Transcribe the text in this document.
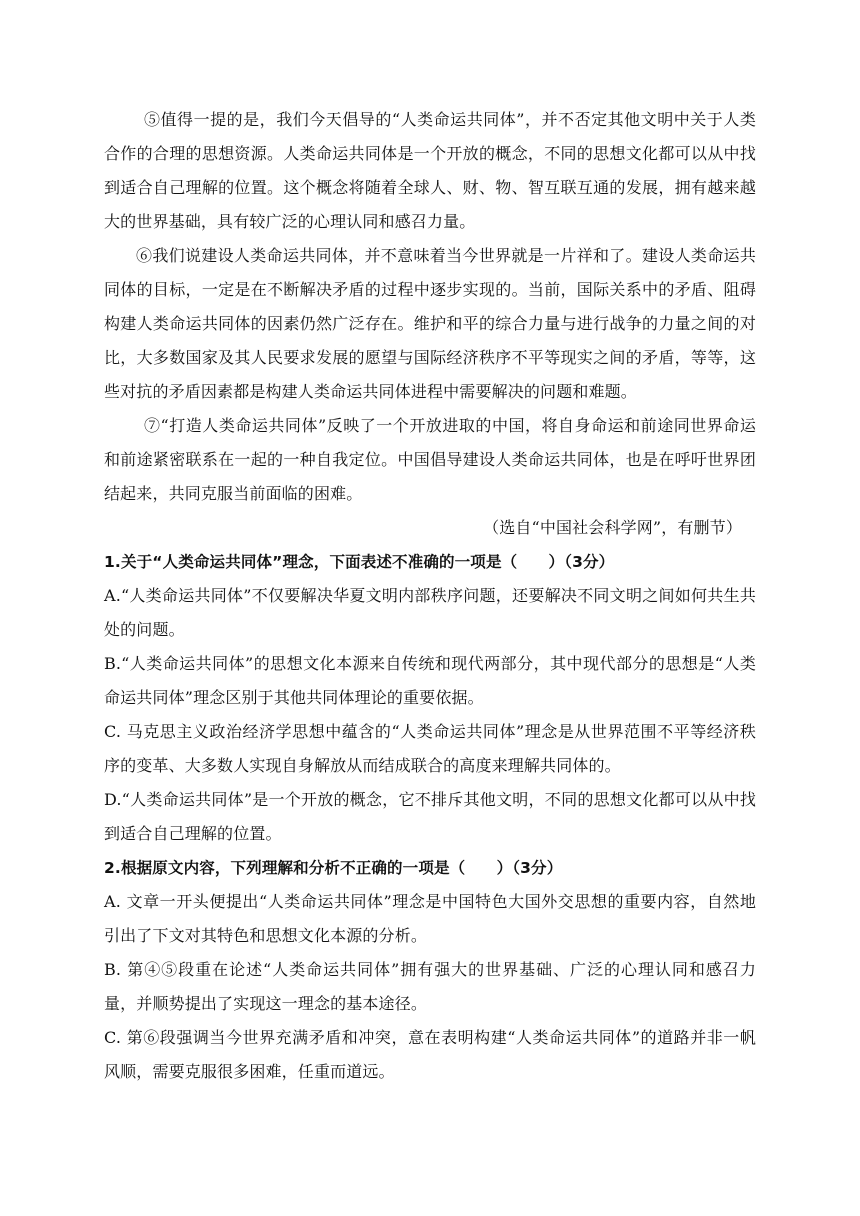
⑤值得一提的是，我们今天倡导的“人类命运共同体”，并不否定其他文明中关于人类合作的合理的思想资源。人类命运共同体是一个开放的概念，不同的思想文化都可以从中找到适合自己理解的位置。这个概念将随着全球人、财、物、智互联互通的发展，拥有越来越大的世界基础，具有较广泛的心理认同和感召力量。

⑥我们说建设人类命运共同体，并不意味着当今世界就是一片祥和了。建设人类命运共同体的目标，一定是在不断解决矛盾的过程中逐步实现的。当前，国际关系中的矛盾、阻碍构建人类命运共同体的因素仍然广泛存在。维护和平的综合力量与进行战争的力量之间的对比，大多数国家及其人民要求发展的愿望与国际经济秩序不平等现实之间的矛盾，等等，这些对抗的矛盾因素都是构建人类命运共同体进程中需要解决的问题和难题。

⑦“打造人类命运共同体”反映了一个开放进取的中国，将自身命运和前途同世界命运和前途紧密联系在一起的一种自我定位。中国倡导建设人类命运共同体，也是在呼吁世界团结起来，共同克服当前面临的困难。

（选自“中国社会科学网”，有删节）

1.关于“人类命运共同体”理念，下面表述不准确的一项是（　　）（3分）

A.“人类命运共同体”不仅要解决华夏文明内部秩序问题，还要解决不同文明之间如何共生共处的问题。

B.“人类命运共同体”的思想文化本源来自传统和现代两部分，其中现代部分的思想是“人类命运共同体”理念区别于其他共同体理论的重要依据。

C. 马克思主义政治经济学思想中蕴含的“人类命运共同体”理念是从世界范围不平等经济秩序的变革、大多数人实现自身解放从而结成联合的高度来理解共同体的。

D.“人类命运共同体”是一个开放的概念，它不排斥其他文明，不同的思想文化都可以从中找到适合自己理解的位置。

2.根据原文内容，下列理解和分析不正确的一项是（　　）（3分）

A. 文章一开头便提出“人类命运共同体”理念是中国特色大国外交思想的重要内容，自然地引出了下文对其特色和思想文化本源的分析。

B. 第④⑤段重在论述“人类命运共同体”拥有强大的世界基础、广泛的心理认同和感召力量，并顺势提出了实现这一理念的基本途径。

C. 第⑥段强调当今世界充满矛盾和冲突，意在表明构建“人类命运共同体”的道路并非一帆风顺，需要克服很多困难，任重而道远。
